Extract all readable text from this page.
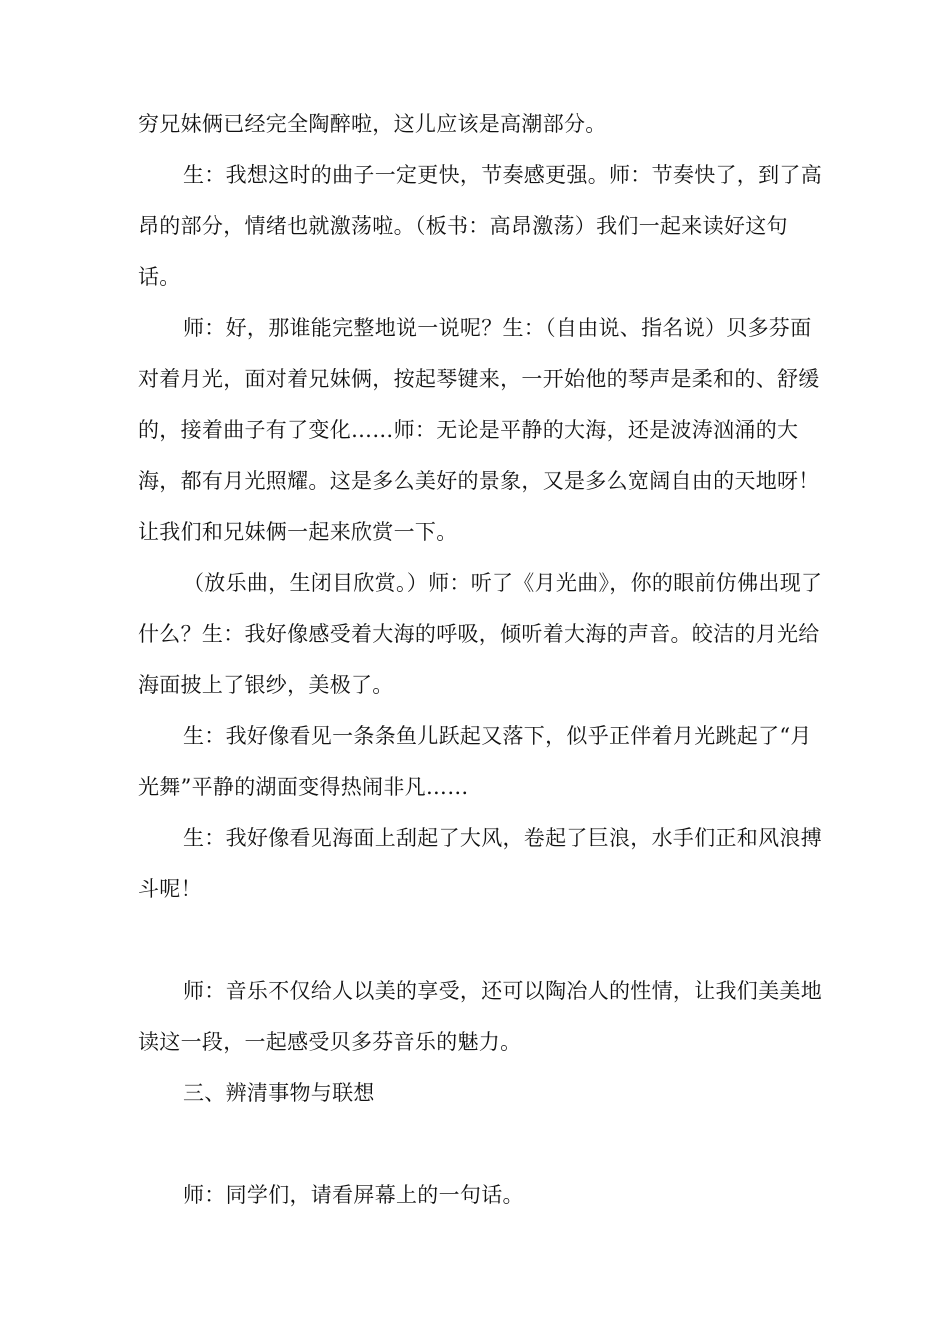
穷兄妹俩已经完全陶醉啦，这儿应该是高潮部分。

生：我想这时的曲子一定更快，节奏感更强。师：节奏快了，到了高昂的部分，情绪也就激荡啦。（板书：高昂激荡）我们一起来读好这句话。

师：好，那谁能完整地说一说呢？生：（自由说、指名说）贝多芬面对着月光，面对着兄妹俩，按起琴键来，一开始他的琴声是柔和的、舒缓的，接着曲子有了变化……师：无论是平静的大海，还是波涛汹涌的大海，都有月光照耀。这是多么美好的景象，又是多么宽阔自由的天地呀！让我们和兄妹俩一起来欣赏一下。

（放乐曲，生闭目欣赏。）师：听了《月光曲》，你的眼前仿佛出现了什么？生：我好像感受着大海的呼吸，倾听着大海的声音。皎洁的月光给海面披上了银纱，美极了。

生：我好像看见一条条鱼儿跃起又落下，似乎正伴着月光跳起了“月光舞”平静的湖面变得热闹非凡……

生：我好像看见海面上刮起了大风，卷起了巨浪，水手们正和风浪搏斗呢！

师：音乐不仅给人以美的享受，还可以陶冶人的性情，让我们美美地读这一段，一起感受贝多芬音乐的魅力。

三、辨清事物与联想

师：同学们，请看屏幕上的一句话。
